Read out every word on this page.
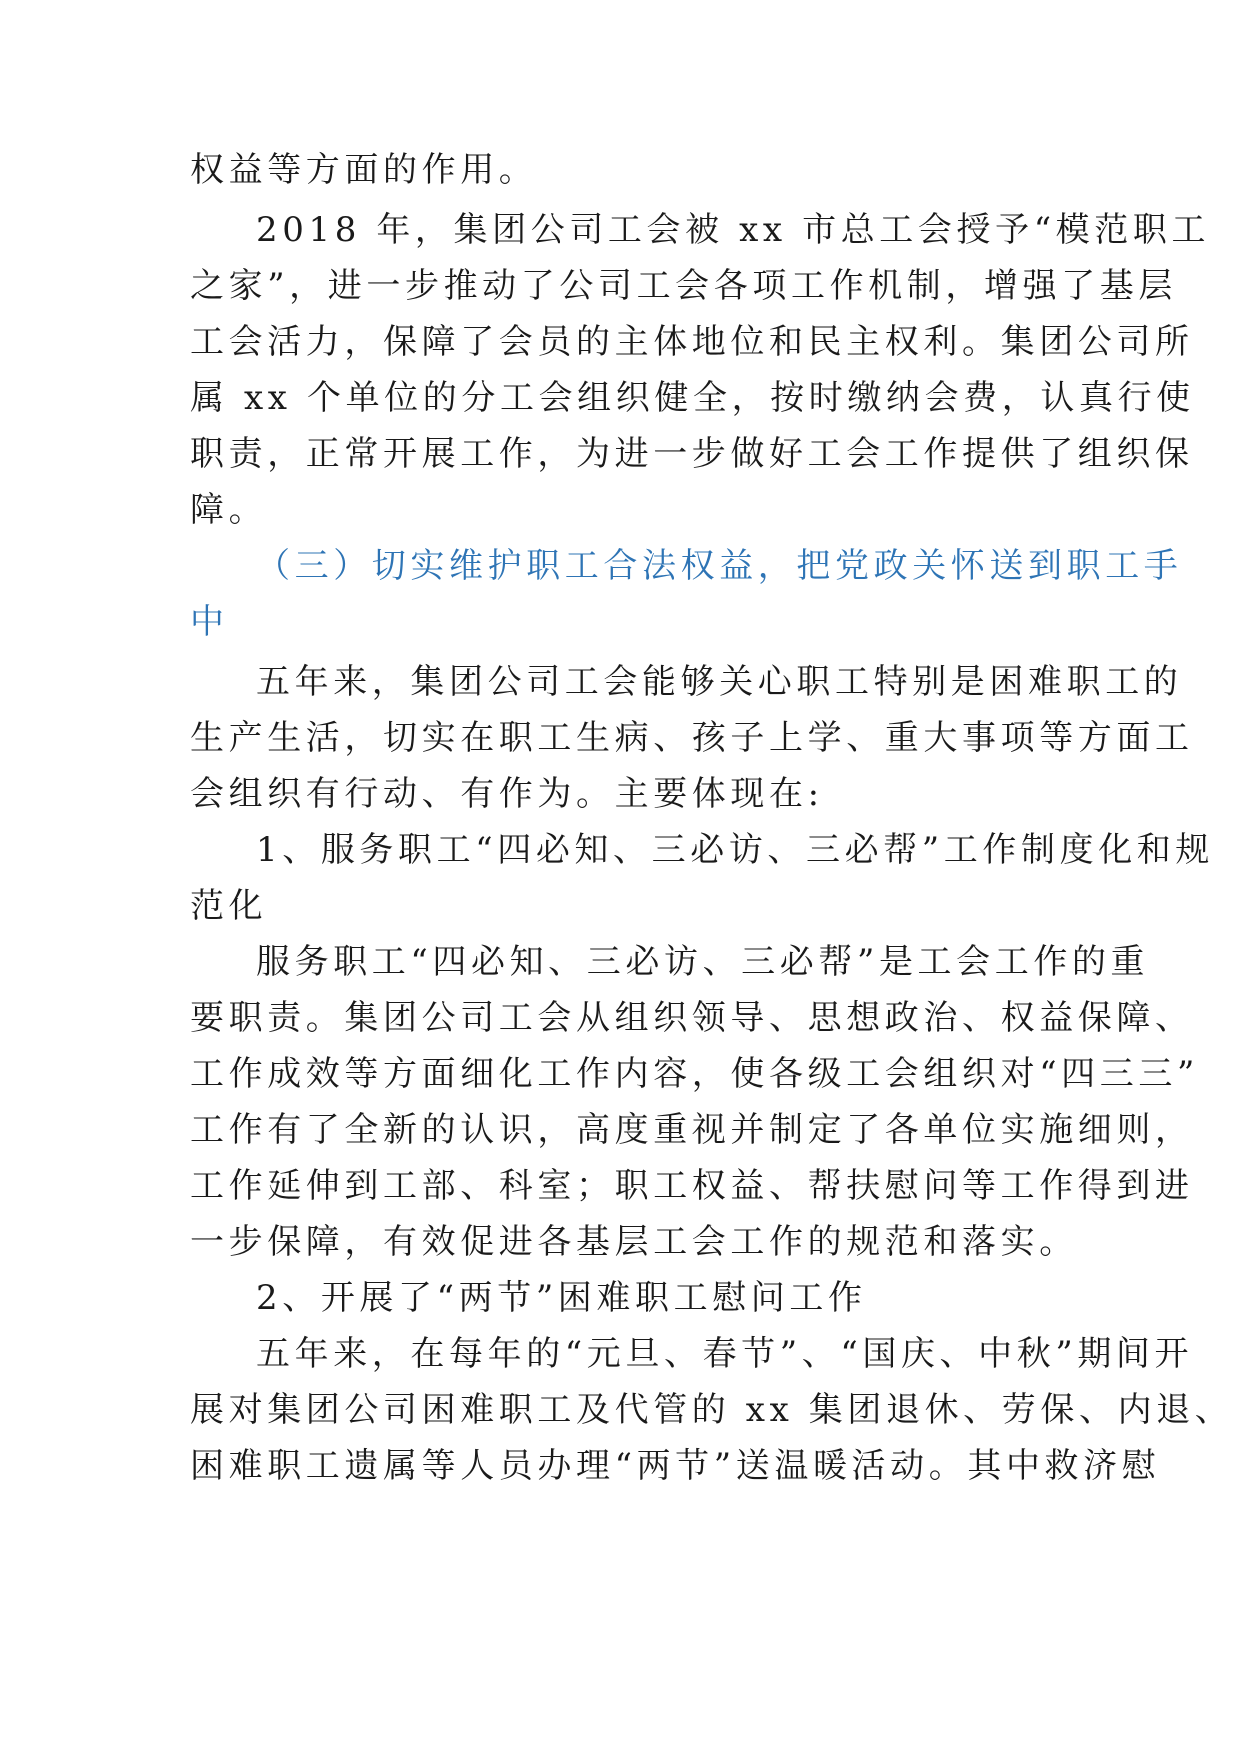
权益等方面的作用。
2018 年，集团公司工会被 xx 市总工会授予“模范职工
之家”，进一步推动了公司工会各项工作机制，增强了基层
工会活力，保障了会员的主体地位和民主权利。集团公司所
属 xx 个单位的分工会组织健全，按时缴纳会费，认真行使
职责，正常开展工作，为进一步做好工会工作提供了组织保
障。
（三）切实维护职工合法权益，把党政关怀送到职工手
中
五年来，集团公司工会能够关心职工特别是困难职工的
生产生活，切实在职工生病、孩子上学、重大事项等方面工
会组织有行动、有作为。主要体现在:
1、服务职工“四必知、三必访、三必帮”工作制度化和规
范化
服务职工“四必知、三必访、三必帮”是工会工作的重
要职责。集团公司工会从组织领导、思想政治、权益保障、
工作成效等方面细化工作内容，使各级工会组织对“四三三”
工作有了全新的认识，高度重视并制定了各单位实施细则，
工作延伸到工部、科室；职工权益、帮扶慰问等工作得到进
一步保障，有效促进各基层工会工作的规范和落实。
2、开展了“两节”困难职工慰问工作
五年来，在每年的“元旦、春节”、“国庆、中秋”期间开
展对集团公司困难职工及代管的 xx 集团退休、劳保、内退、
困难职工遗属等人员办理“两节”送温暖活动。其中救济慰
